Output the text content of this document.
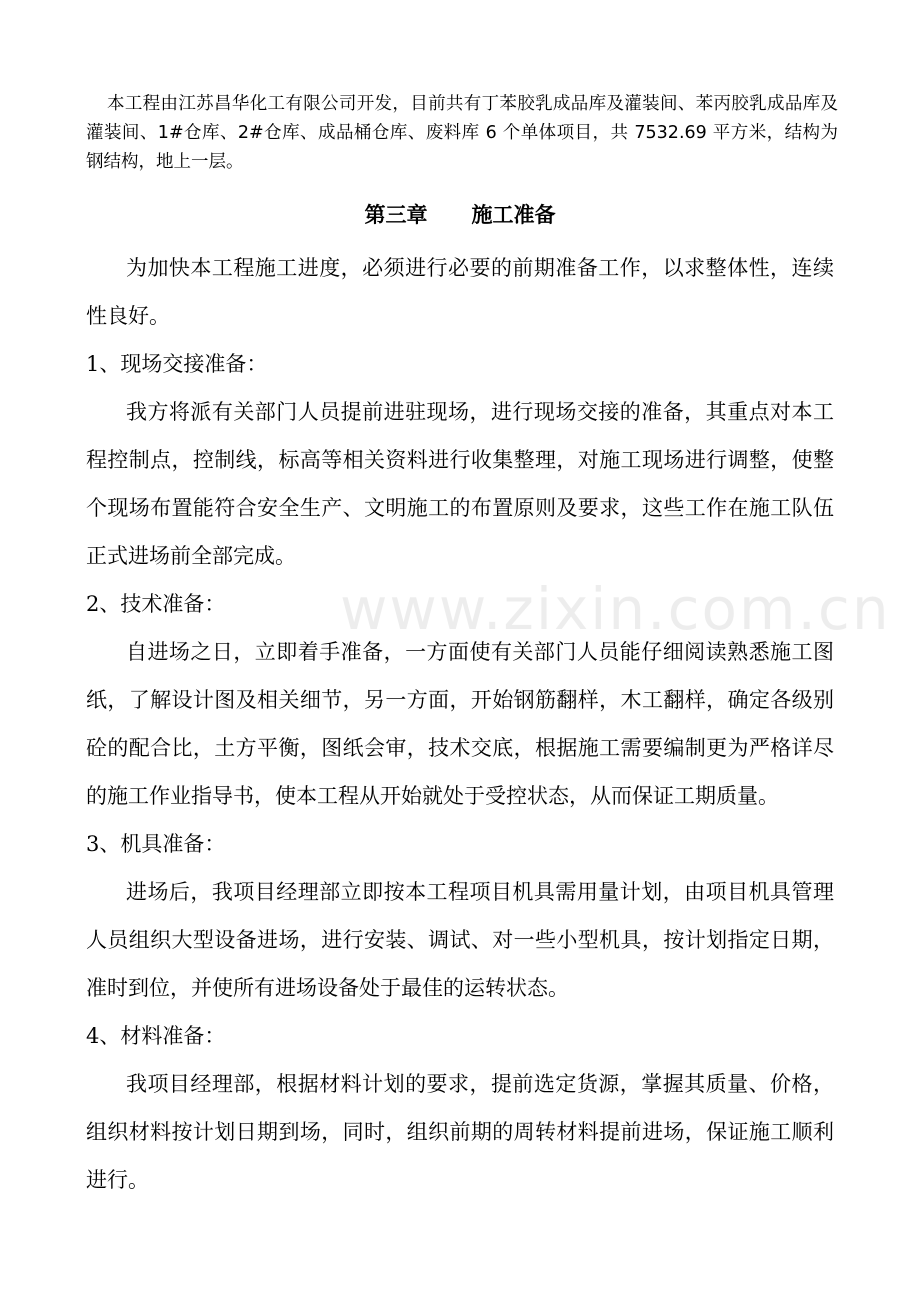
本工程由江苏昌华化工有限公司开发，目前共有丁苯胶乳成品库及灌装间、苯丙胶乳成品库及灌装间、1#仓库、2#仓库、成品桶仓库、废料库 6 个单体项目，共 7532.69 平方米，结构为钢结构，地上一层。

第三章 施工准备

为加快本工程施工进度，必须进行必要的前期准备工作，以求整体性，连续性良好。

1、现场交接准备：

我方将派有关部门人员提前进驻现场，进行现场交接的准备，其重点对本工程控制点，控制线，标高等相关资料进行收集整理，对施工现场进行调整，使整个现场布置能符合安全生产、文明施工的布置原则及要求，这些工作在施工队伍正式进场前全部完成。

2、技术准备：

自进场之日，立即着手准备，一方面使有关部门人员能仔细阅读熟悉施工图纸，了解设计图及相关细节，另一方面，开始钢筋翻样，木工翻样，确定各级别砼的配合比，土方平衡，图纸会审，技术交底，根据施工需要编制更为严格详尽的施工作业指导书，使本工程从开始就处于受控状态，从而保证工期质量。

3、机具准备：

进场后，我项目经理部立即按本工程项目机具需用量计划，由项目机具管理人员组织大型设备进场，进行安装、调试、对一些小型机具，按计划指定日期，准时到位，并使所有进场设备处于最佳的运转状态。

4、材料准备：

我项目经理部，根据材料计划的要求，提前选定货源，掌握其质量、价格，组织材料按计划日期到场，同时，组织前期的周转材料提前进场，保证施工顺利进行。

www.zixin.com.cn
